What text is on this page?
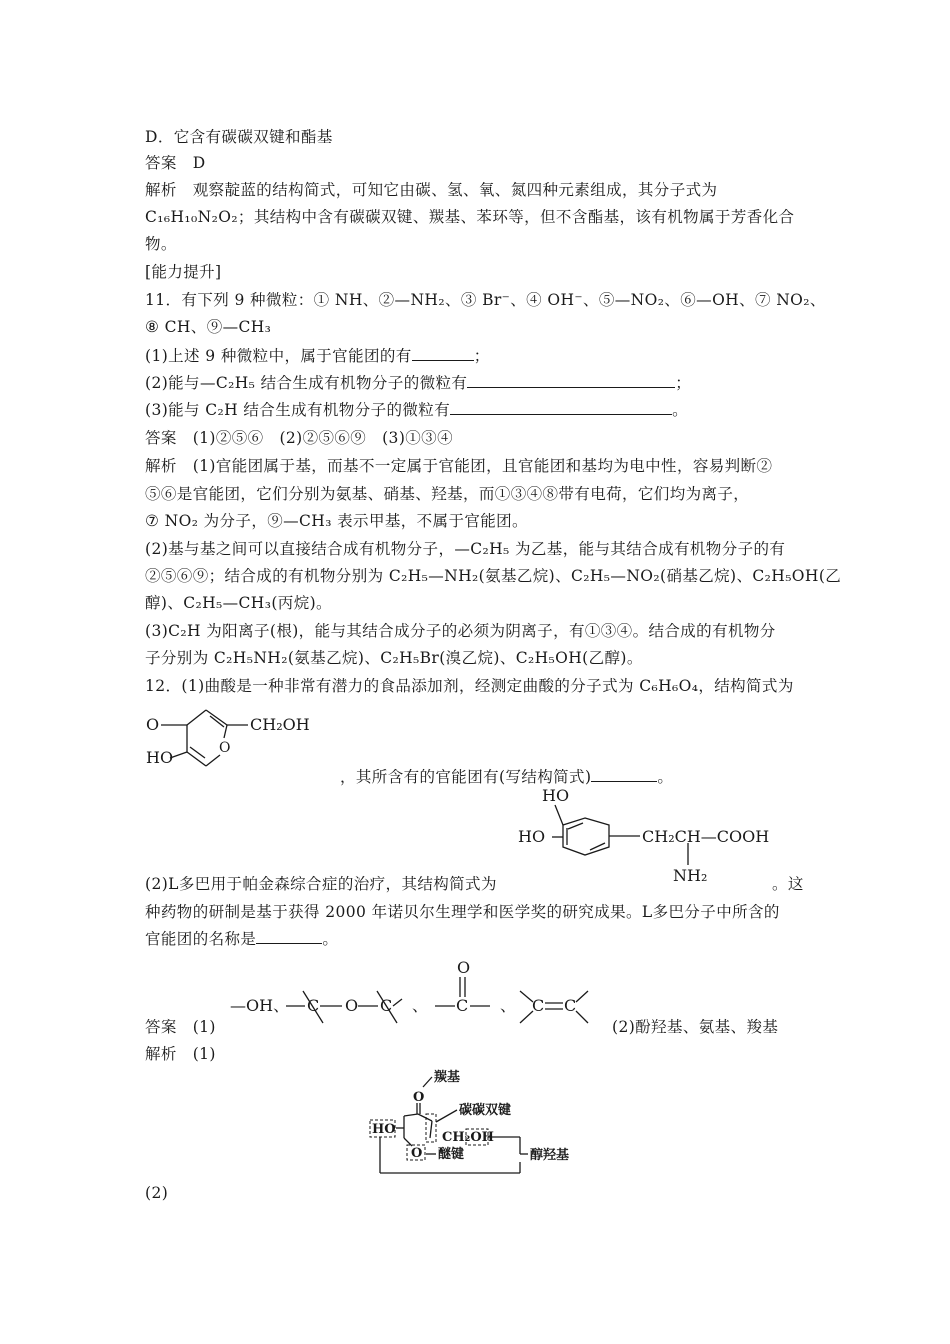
D．它含有碳碳双键和酯基
答案　D
解析　观察靛蓝的结构简式，可知它由碳、氢、氧、氮四种元素组成，其分子式为
C₁₆H₁₀N₂O₂；其结构中含有碳碳双键、羰基、苯环等，但不含酯基，该有机物属于芳香化合
物。
[能力提升]
11．有下列 9 种微粒：① NH、②—NH₂、③ Br⁻、④ OH⁻、⑤—NO₂、⑥—OH、⑦ NO₂、
⑧ CH、⑨—CH₃
(1)上述 9 种微粒中，属于官能团的有	；
(2)能与—C₂H₅ 结合生成有机物分子的微粒有	；
(3)能与 C₂H 结合生成有机物分子的微粒有	。
答案　(1)②⑤⑥　(2)②⑤⑥⑨　(3)①③④
解析　(1)官能团属于基，而基不一定属于官能团，且官能团和基均为电中性，容易判断②
⑤⑥是官能团，它们分别为氨基、硝基、羟基，而①③④⑧带有电荷，它们均为离子，
⑦ NO₂ 为分子，⑨—CH₃ 表示甲基，不属于官能团。
(2)基与基之间可以直接结合成有机物分子，—C₂H₅ 为乙基，能与其结合成有机物分子的有
②⑤⑥⑨；结合成的有机物分别为 C₂H₅—NH₂(氨基乙烷)、C₂H₅—NO₂(硝基乙烷)、C₂H₅OH(乙
醇)、C₂H₅—CH₃(丙烷)。
(3)C₂H 为阳离子(根)，能与其结合成分子的必须为阴离子，有①③④。结合成的有机物分
子分别为 C₂H₅NH₂(氨基乙烷)、C₂H₅Br(溴乙烷)、C₂H₅OH(乙醇)。
12．(1)曲酸是一种非常有潜力的食品添加剂，经测定曲酸的分子式为 C₆H₆O₄，结构简式为
O
HO	O
CH₂OH
，其所含有的官能团有(写结构简式)	。
HO
HO	CH₂CH—COOH
NH₂
(2)L多巴用于帕金森综合症的治疗，其结构简式为	。这
种药物的研制是基于获得 2000 年诺贝尔生理学和医学奖的研究成果。L多巴分子中所含的
官能团的名称是	。
答案　(1)
—OH、 C O C 、
O
C 、 C C
(2)酚羟基、氨基、羧基
解析　(1)
羰基
O
HO
碳碳双键
CH₂OH
醇羟基
O 醚键
(2)
